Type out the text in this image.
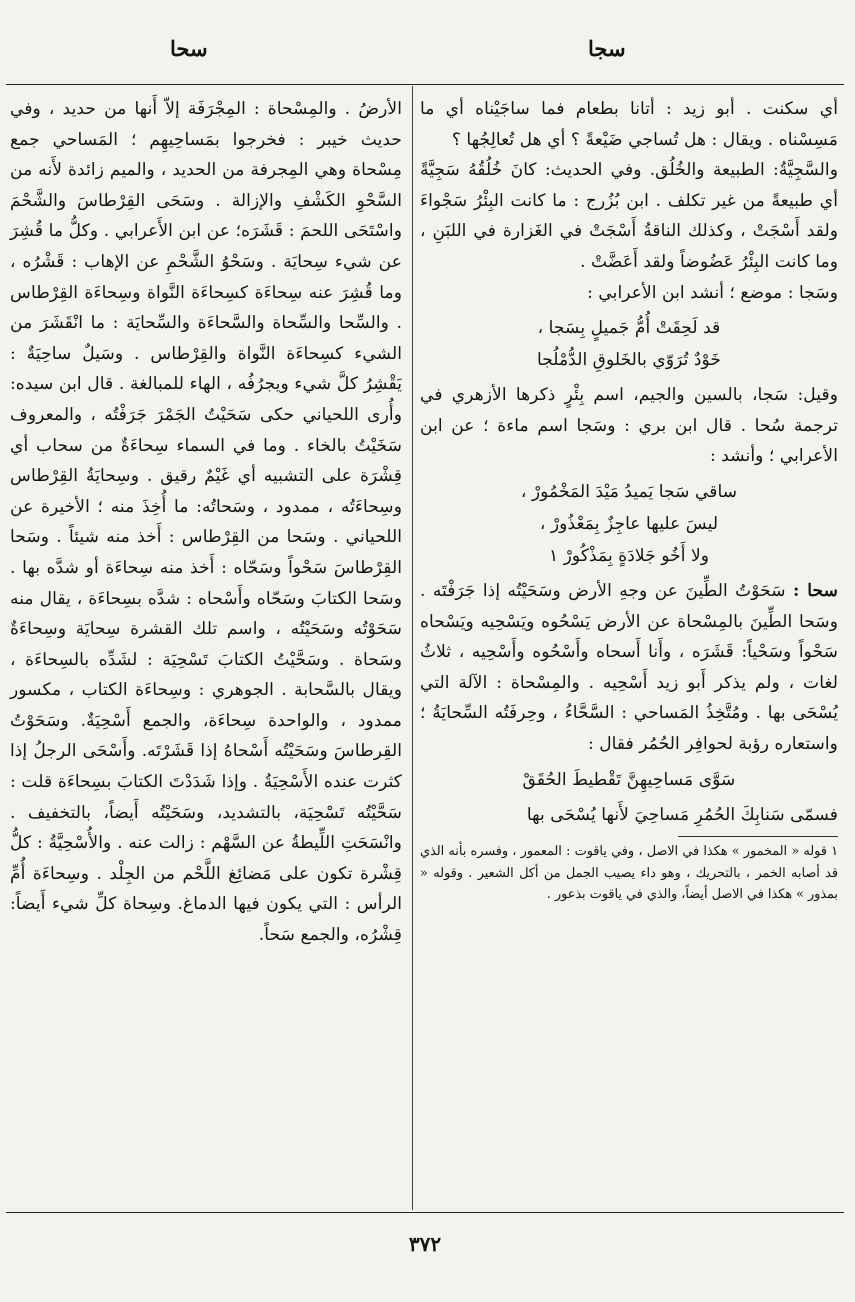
سجا
سحا

أي سكنت . أبو زيد : أتانا بطعام فما ساجَيْناه أي ما مَسِسْناه . ويقال : هل تُساجي ضَيْعةً ؟ أي هل تُعالِجُها ؟

والسَّجِيَّةُ: الطبيعة والخُلُق. وفي الحديث: كانَ خُلُقُهُ سَجِيَّةً أي طبيعةً من غير تكلف . ابن بُزُرج : ما كانت البِئْرُ سَجْواءَ ولقد أَسْجَتْ ، وكذلك الناقةُ أَسْجَتْ في الغَزارة في اللبَنِ ، وما كانت البِئْرُ عَضُوضاً ولقد أَعَضَّتْ .

وسَجا : موضع ؛ أنشد ابن الأعرابي :

قد لَحِقَتْ أُمُّ جَميلٍ بِسَجا ،
خَوْدٌ تُرَوّي بالخَلوقِ الدُّمْلُجا

وقيل: سَجا، بالسين والجيم، اسم بِئْرٍ ذكرها الأزهري في ترجمة سُحا . قال ابن بري : وسَجا اسم ماءة ؛ عن ابن الأعرابي ؛ وأنشد :

ساقي سَجا يَميدُ مَيْدَ المَخْمُورْ ،
ليسَ عليها عاجِزٌ بِمَعْذُورْ ،
ولا أَخُو جَلادَةٍ بِمَذْكُورْ ١

سحا : سَحَوْتُ الطِّينَ عن وجهِ الأرض وسَحَيْتُه إذا جَرَفْتَه . وسَحا الطِّينَ بالمِسْحاة عن الأرض يَسْحُوه ويَسْحِيه ويَسْحاه سَحْواً وسَحْياً: قَشَرَه ، وأَنا أَسحاه وأَسْحُوه وأَسْحِيه ، ثلاثُ لغات ، ولم يذكر أَبو زيد أَسْحِيه . والمِسْحاة : الآلة التي يُسْحَى بها . ومُتَّخِذُ المَساحي : السَّحَّاءُ ، وحِرفَتُه السِّحايَةُ ؛ واستعاره رؤبة لحوافِر الحُمُر فقال :

سَوَّى مَساحِيهِنَّ تَقْطيطَ الحُقَقْ

فسمّى سَنابِكَ الحُمُرِ مَساحِيَ لأَنها يُسْحَى بها

١ قوله « المخمور » هكذا في الاصل ، وفي ياقوت : المعمور ، وفسره بأنه الذي قد أصابه الخمر ، بالتحريك ، وهو داء يصيب الجمل من أكل الشعير . وقوله « بمذور » هكذا في الاصل أيضاً، والذي في ياقوت بذعور .

الأرضُ . والمِسْحاة : المِجْرَفَة إلاّ أَنها من حديد ، وفي حديث خيبر : فخرجوا بمَساحِيهِم ؛ المَساحي جمع مِسْحاة وهي المِجرفة من الحديد ، والميم زائدة لأَنه من السَّحْوِ الكَشْفِ والإزالة . وسَحَى القِرْطاسَ والشَّحْمَ واسْتَحَى اللحمَ : قَشَرَه؛ عن ابن الأَعرابي . وكلُّ ما قُشِرَ عن شيء سِحايَة . وسَحْوُ الشَّحْمِ عن الإهاب : قَشْرُه ، وما قُشِرَ عنه سِحاءَة كسِحاءَة النَّواة وسِحاءَة القِرْطاس . والسِّحا والسِّحاة والسَّحاءَة والسِّحايَة : ما انْقَشَرَ من الشيء كسِحاءَة النَّواة والقِرْطاس . وسَيلٌ ساحِيَةٌ : يَقْشِرُ كلَّ شيء ويجرُفُه ، الهاء للمبالغة . قال ابن سيده: وأُرى اللحياني حكى سَحَيْتُ الجَمْرَ جَرَفْتُه ، والمعروف سَخَيْتُ بالخاء . وما في السماء سِحاءَةٌ من سحاب أي قِشْرَة على التشبيه أي غَيْمٌ رقيق . وسِحايَةُ القِرْطاس وسِحاءَتُه ، ممدود ، وسَحاتُه: ما أُخِذَ منه ؛ الأخيرة عن اللحياني . وسَحا من القِرْطاس : أَخذ منه شيئاً . وسَحا القِرْطاسَ سَحْواً وسَحّاه : أَخذ منه سِحاءَة أو شدَّه بها . وسَحا الكتابَ وسَحّاه وأَسْحاه : شدَّه بسِحاءَة ، يقال منه سَحَوْتُه وسَحَيْتُه ، واسم تلك القشرة سِحايَة وسِحاءَةٌ وسَحاة . وسَحَّيْتُ الكتابَ تَسْحِيَة : لشَدِّه بالسِحاءَة ، ويقال بالسَّحابة . الجوهري : وسِحاءَة الكتاب ، مكسور ممدود ، والواحدة سِحاءَة، والجمع أَسْحِيَةٌ. وسَحَوْتُ القِرطاسَ وسَحَيْتُه أَسْحاهُ إذا قَشَرْتَه. وأَسْحَى الرجلُ إذا كثرت عنده الأَسْحِيَةُ . وإذا شَدَدْتَ الكتابَ بسِحاءَة قلت : سَحَّيْتُه تَسْحِيَة، بالتشديد، وسَحَيْتُه أَيضاً، بالتخفيف . وانْسَحَتِ اللِّيطةُ عن السَّهْم : زالت عنه . والأُسْحِيَّةُ : كلُّ قِشْرة تكون على مَضائِغ اللَّحْم من الجِلْد . وسِحاءَة أُمِّ الرأس : التي يكون فيها الدماغ. وسِحاة كلِّ شيء أَيضاً: قِشْرُه، والجمع سَحاً.

٣٧٢
